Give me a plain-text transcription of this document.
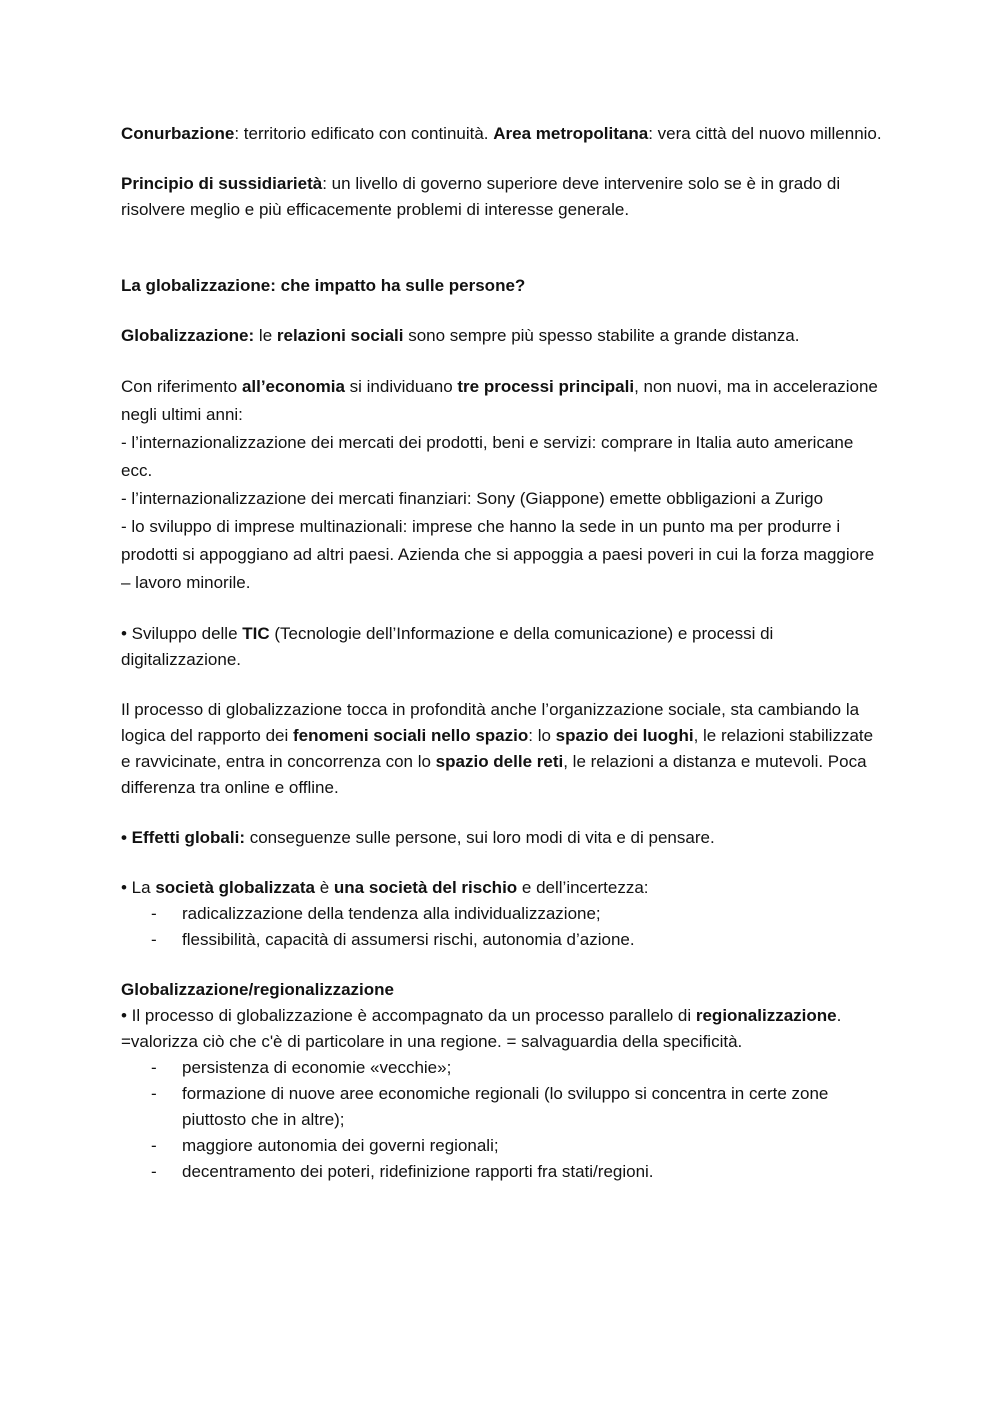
Conurbazione: territorio edificato con continuità. Area metropolitana: vera città del nuovo millennio.

Principio di sussidiarietà: un livello di governo superiore deve intervenire solo se è in grado di risolvere meglio e più efficacemente problemi di interesse generale.

La globalizzazione: che impatto ha sulle persone?

Globalizzazione: le relazioni sociali sono sempre più spesso stabilite a grande distanza.

Con riferimento all’economia si individuano tre processi principali, non nuovi, ma in accelerazione negli ultimi anni:

- l’internazionalizzazione dei mercati dei prodotti, beni e servizi: comprare in Italia auto americane ecc.

- l’internazionalizzazione dei mercati finanziari: Sony (Giappone) emette obbligazioni a Zurigo

- lo sviluppo di imprese multinazionali: imprese che hanno la sede in un punto ma per produrre i prodotti si appoggiano ad altri paesi. Azienda che si appoggia a paesi poveri in cui la forza maggiore – lavoro minorile.

• Sviluppo delle TIC (Tecnologie dell’Informazione e della comunicazione) e processi di digitalizzazione.

Il processo di globalizzazione tocca in profondità anche l’organizzazione sociale, sta cambiando la logica del rapporto dei fenomeni sociali nello spazio: lo spazio dei luoghi, le relazioni stabilizzate e ravvicinate, entra in concorrenza con lo spazio delle reti, le relazioni a distanza e mutevoli. Poca differenza tra online e offline.

• Effetti globali: conseguenze sulle persone, sui loro modi di vita e di pensare.

• La società globalizzata è una società del rischio e dell’incertezza:

- radicalizzazione della tendenza alla individualizzazione;
- flessibilità, capacità di assumersi rischi, autonomia d’azione.

Globalizzazione/regionalizzazione

• Il processo di globalizzazione è accompagnato da un processo parallelo di regionalizzazione. =valorizza ciò che c'è di particolare in una regione. = salvaguardia della specificità.

- persistenza di economie «vecchie»;
- formazione di nuove aree economiche regionali (lo sviluppo si concentra in certe zone piuttosto che in altre);
- maggiore autonomia dei governi regionali;
- decentramento dei poteri, ridefinizione rapporti fra stati/regioni.
